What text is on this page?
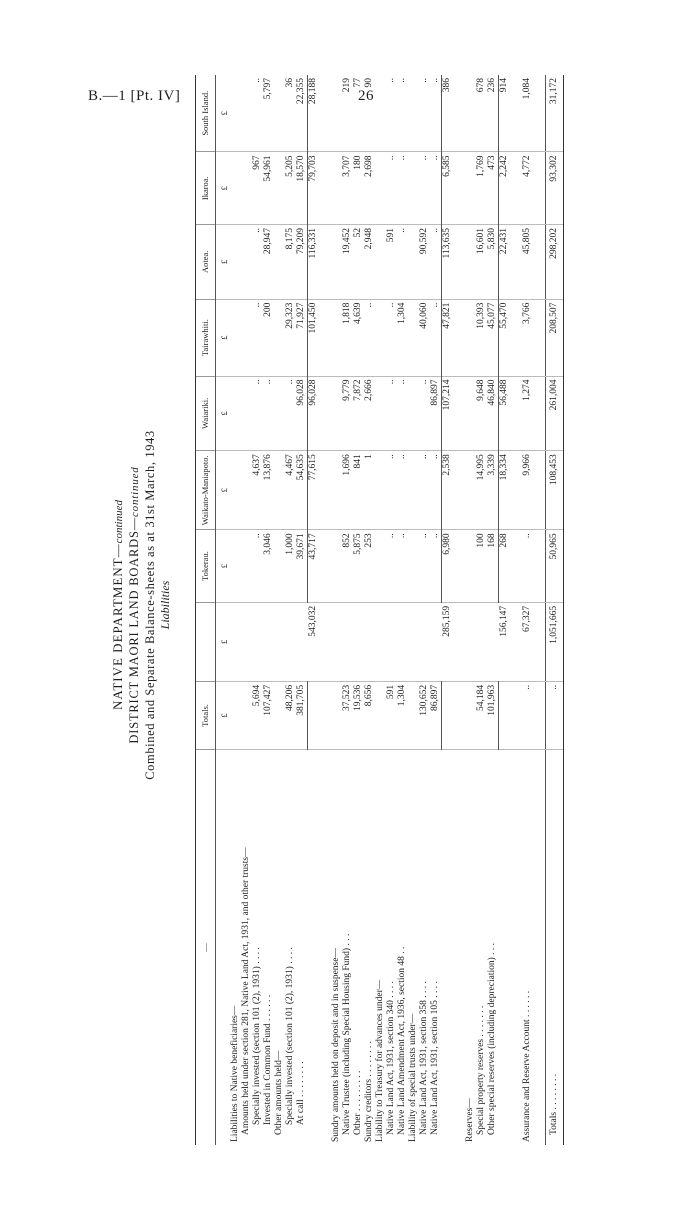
B.—1 [Pt. IV]	26
NATIVE DEPARTMENT—continued DISTRICT MAORI LAND BOARDS—continued Combined and Separate Balance-sheets as at 31st March, 1943 Liabilities
—	Totals.		Tokerau.	Waikato-Maniapoto.	Waiariki.	Tairawhiti.	Aotea.	Ikaroa.	South Island.
	£	£	£	£	£	£	£	£	£
Liabilities to Native beneficiaries—									
Amounts held under section 281, Native Land Act, 1931, and other trusts—									
Specially invested (section 101 (2), 1931) . . . .	5,694		..	4,637	..	..	..	967	..
Invested in Common Fund . . . . . .	107,427		3,046	13,876	..	200	28,947	54,961	5,797
Other amounts held—									
Specially invested (section 101 (2), 1931) . . . .	48,206		1,000	4,467	..	29,323	8,175	5,205	36
At call . . . . . . . .	381,705		39,671	54,635	96,028	71,927	79,209	18,570	22,355
		543,032	43,717	77,615	96,028	101,450	116,331	79,703	28,188

Sundry amounts held on deposit and in suspense—									
Native Trustee (including Special Housing Fund) . . .	37,523		852	1,696	9,779	1,818	19,452	3,707	219
Other . . . . . . . . .	19,536		5,875	841	7,872	4,639	52	180	77
Sundry creditors . . . . . . . .	8,656		253	1	2,666	..	2,948	2,698	90
Liability to Treasury for advances under—									
Native Land Act, 1931, section 340 . . . .	591		..	..	..	..	591	..	..
Native Land Amendment Act, 1936, section 48 . .	1,304		..	..	..	1,304	..	..	..
Liability of special trusts under—									
Native Land Act, 1931, section 358 . . . .	130,652		..	..	..	40,060	90,592	..	..
Native Land Act, 1931, section 105 . . . .	86,897		..	..	86,897	..	..	..	..
		285,159	6,980	2,538	107,214	47,821	113,635	6,585	386

Reserves—									
Special property reserves . . . . . . .	54,184		100	14,995	9,648	10,393	16,601	1,769	678
Other special reserves (including depreciation) . . .	101,963		168	3,339	46,840	45,077	5,830	473	236
		156,147	268	18,334	56,488	55,470	22,431	2,242	914

Assurance and Reserve Account . . . . . .	..	67,327	..	9,966	1,274	3,766	45,805	4,772	1,084

Totals . . . . . . . .	..	1,051,665	50,965	108,453	261,004	208,507	298,202	93,302	31,172
